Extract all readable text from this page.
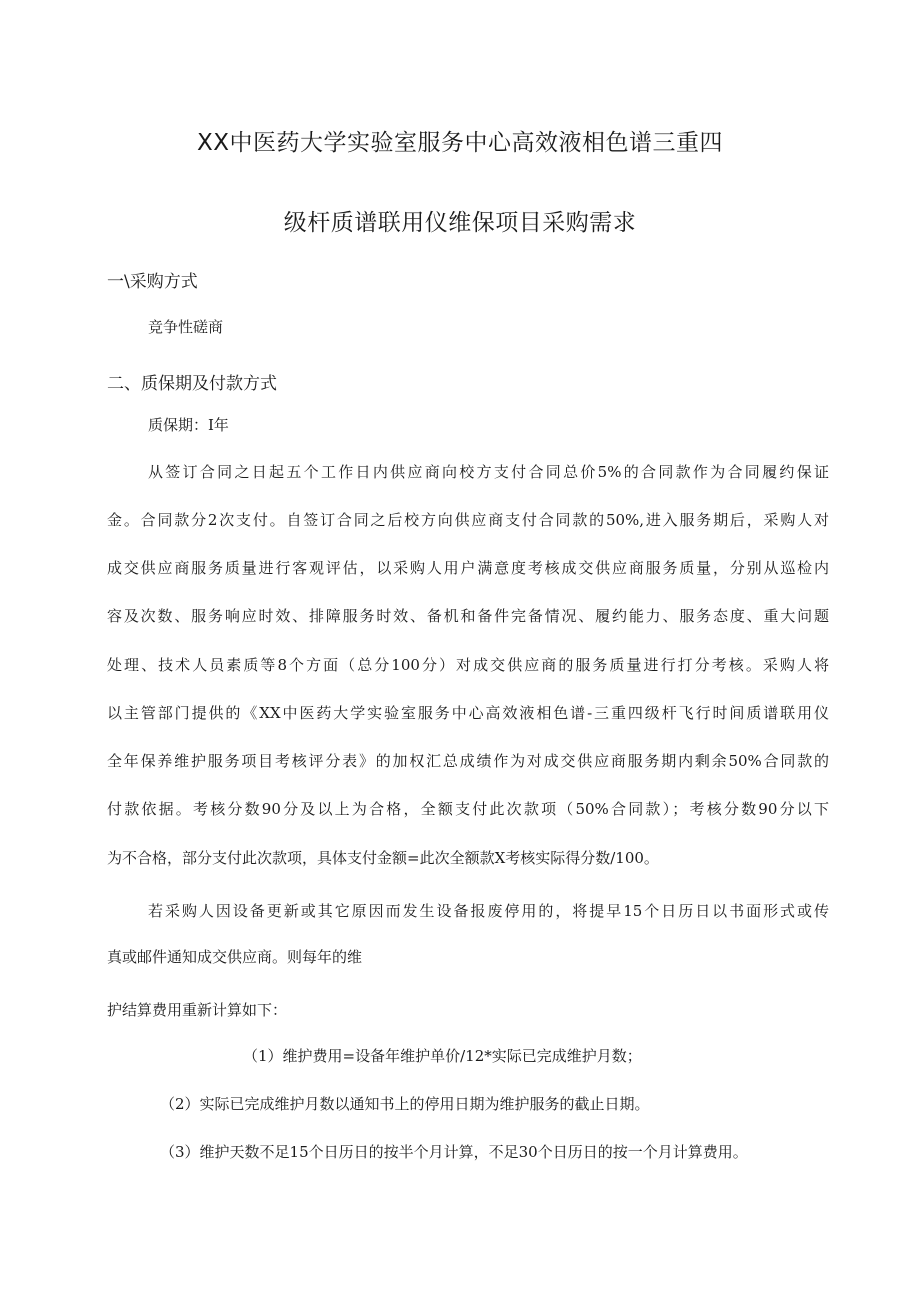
XX中医药大学实验室服务中心高效液相色谱三重四
级杆质谱联用仪维保项目采购需求
一\采购方式
竞争性磋商
二、质保期及付款方式
质保期：I年
从签订合同之日起五个工作日内供应商向校方支付合同总价5%的合同款作为合同履约保证
金。合同款分2次支付。自签订合同之后校方向供应商支付合同款的50%,进入服务期后，采购人对
成交供应商服务质量进行客观评估，以采购人用户满意度考核成交供应商服务质量，分别从巡检内
容及次数、服务响应时效、排障服务时效、备机和备件完备情况、履约能力、服务态度、重大问题
处理、技术人员素质等8个方面（总分100分）对成交供应商的服务质量进行打分考核。采购人将
以主管部门提供的《XX中医药大学实验室服务中心高效液相色谱-三重四级杆飞行时间质谱联用仪
全年保养维护服务项目考核评分表》的加权汇总成绩作为对成交供应商服务期内剩余50%合同款的
付款依据。考核分数90分及以上为合格，全额支付此次款项（50%合同款）；考核分数90分以下
为不合格，部分支付此次款项，具体支付金额=此次全额款X考核实际得分数/100。
若采购人因设备更新或其它原因而发生设备报废停用的，将提早15个日历日以书面形式或传
真或邮件通知成交供应商。则每年的维
护结算费用重新计算如下：
（1）维护费用=设备年维护单价/12*实际已完成维护月数；
（2）实际已完成维护月数以通知书上的停用日期为维护服务的截止日期。
（3）维护天数不足15个日历日的按半个月计算，不足30个日历日的按一个月计算费用。
